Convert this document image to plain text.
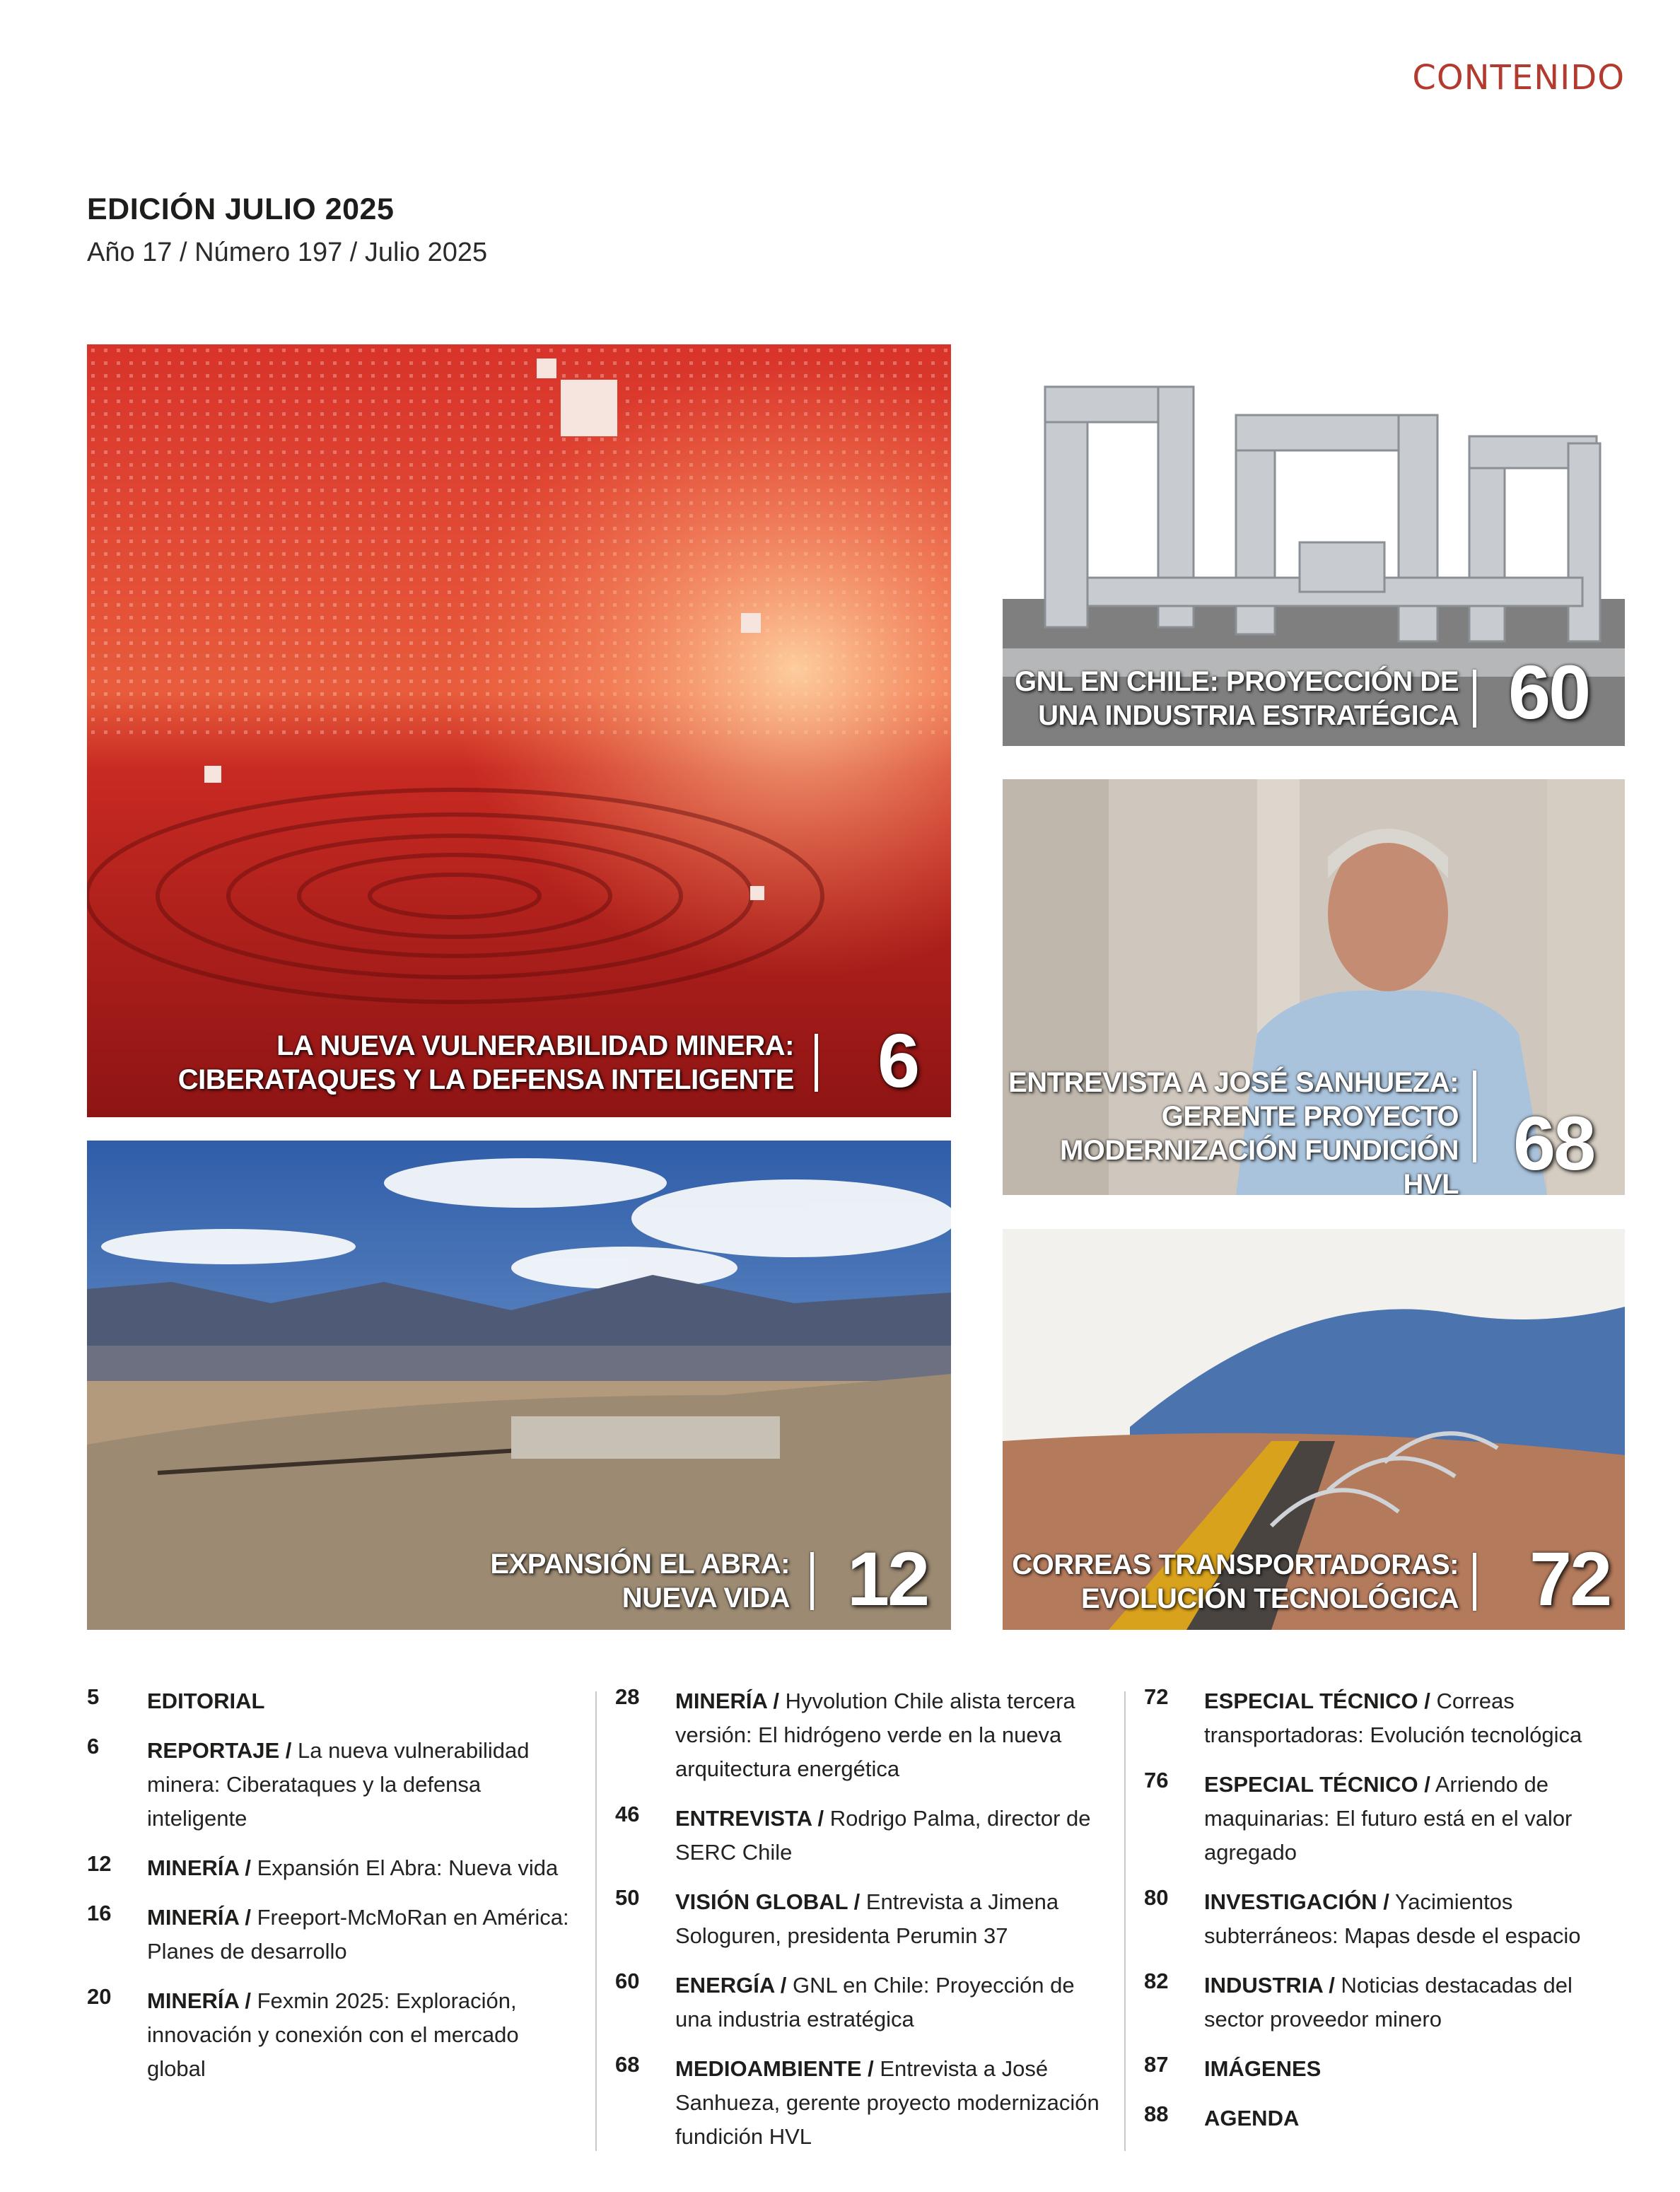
CONTENIDO
EDICIÓN JULIO 2025
Año 17 / Número 197 / Julio 2025
LA NUEVA VULNERABILIDAD MINERA:
CIBERATAQUES Y LA DEFENSA INTELIGENTE 6
GNL EN CHILE: PROYECCIÓN DE
UNA INDUSTRIA ESTRATÉGICA 60
ENTREVISTA A JOSÉ SANHUEZA:
GERENTE PROYECTO
MODERNIZACIÓN FUNDICIÓN HVL 68
EXPANSIÓN EL ABRA:
NUEVA VIDA 12	CORREAS TRANSPORTADORAS:
EVOLUCIÓN TECNOLÓGICA 72
5 EDITORIAL
6 REPORTAJE / La nueva vulnerabilidad minera: Ciberataques y la defensa inteligente
12 MINERÍA / Expansión El Abra: Nueva vida
16 MINERÍA / Freeport-McMoRan en América: Planes de desarrollo
20 MINERÍA / Fexmin 2025: Exploración, innovación y conexión con el mercado global
28 MINERÍA / Hyvolution Chile alista tercera versión: El hidrógeno verde en la nueva arquitectura energética
46 ENTREVISTA / Rodrigo Palma, director de SERC Chile
50 VISIÓN GLOBAL / Entrevista a Jimena Sologuren, presidenta Perumin 37
60 ENERGÍA / GNL en Chile: Proyección de una industria estratégica
68 MEDIOAMBIENTE / Entrevista a José Sanhueza, gerente proyecto modernización fundición HVL
72 ESPECIAL TÉCNICO / Correas transportadoras: Evolución tecnológica
76 ESPECIAL TÉCNICO / Arriendo de maquinarias: El futuro está en el valor agregado
80 INVESTIGACIÓN / Yacimientos subterráneos: Mapas desde el espacio
82 INDUSTRIA / Noticias destacadas del sector proveedor minero
87 IMÁGENES
88 AGENDA
